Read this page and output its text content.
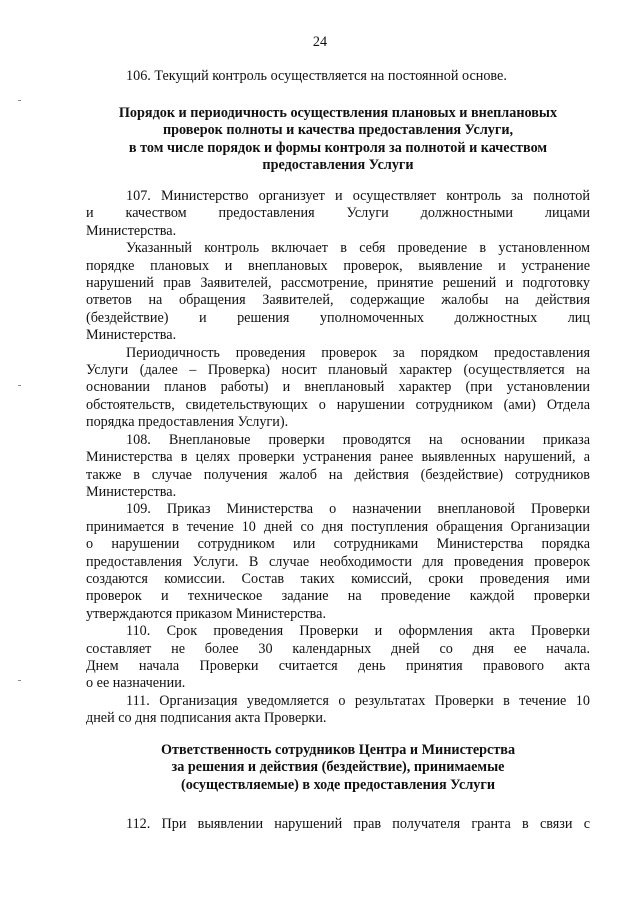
24

106. Текущий контроль осуществляется на постоянной основе.

Порядок и периодичность осуществления плановых и внеплановых
проверок полноты и качества предоставления Услуги,
в том числе порядок и формы контроля за полнотой и качеством
предоставления Услуги

107. Министерство организует и осуществляет контроль за полнотой

и качеством предоставления Услуги должностными лицами

Министерства.

Указанный контроль включает в себя проведение в установленном

порядке плановых и внеплановых проверок, выявление и устранение

нарушений прав Заявителей, рассмотрение, принятие решений и подготовку

ответов на обращения Заявителей, содержащие жалобы на действия

(бездействие) и решения уполномоченных должностных лиц

Министерства.

Периодичность проведения проверок за порядком предоставления

Услуги (далее – Проверка) носит плановый характер (осуществляется на

основании планов работы) и внеплановый характер (при установлении

обстоятельств, свидетельствующих о нарушении сотрудником (ами) Отдела

порядка предоставления Услуги).

108. Внеплановые проверки проводятся на основании приказа

Министерства в целях проверки устранения ранее выявленных нарушений, а

также в случае получения жалоб на действия (бездействие) сотрудников

Министерства.

109. Приказ Министерства о назначении внеплановой Проверки

принимается в течение 10 дней со дня поступления обращения Организации

о нарушении сотрудником или сотрудниками Министерства порядка

предоставления Услуги. В случае необходимости для проведения проверок

создаются комиссии. Состав таких комиссий, сроки проведения ими

проверок и техническое задание на проведение каждой проверки

утверждаются приказом Министерства.

110. Срок проведения Проверки и оформления акта Проверки

составляет не более 30 календарных дней со дня ее начала.

Днем начала Проверки считается день принятия правового акта

о ее назначении.

111. Организация уведомляется о результатах Проверки в течение 10

дней со дня подписания акта Проверки.

Ответственность сотрудников Центра и Министерства
за решения и действия (бездействие), принимаемые
(осуществляемые) в ходе предоставления Услуги

112. При выявлении нарушений прав получателя гранта в связи с
